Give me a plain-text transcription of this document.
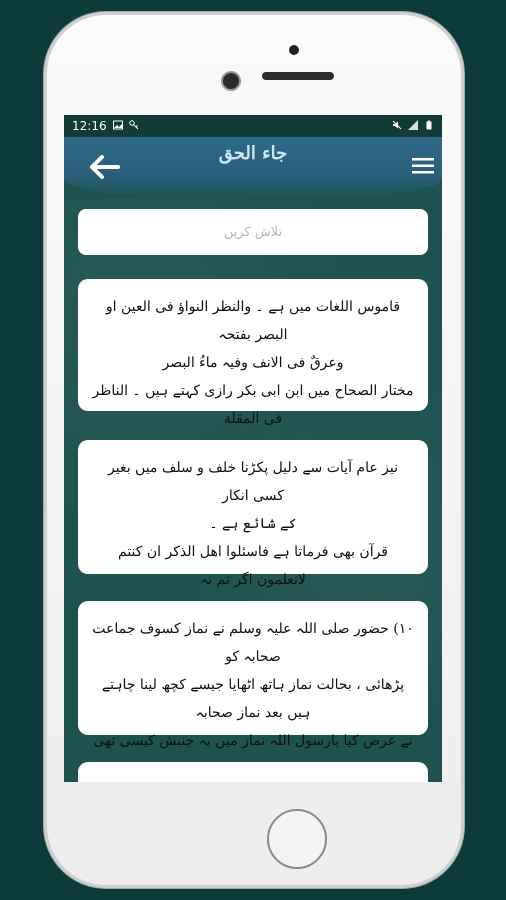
12:16
جاء الحق
تلاش کریں

قاموس اللغات میں ہے ۔ والنظر النواؤ فی العین او البصر بفتحہ

وعرقٌ فی الانف وفیہ ماءُ البصر

مختار الصحاح میں ابن ابی بکر رازی کہتے ہیں ۔ الناظر فی المقلة

نیز عام آیات سے دلیل پکڑنا خلف و سلف میں بغیر کسی انکار

کے شائع ہے ۔

قرآن بھی فرماتا ہے فاسئلوا اھل الذکر ان کنتم لاتعلمون اگر تم نہ

۱۰) حضور صلی اللہ علیہ وسلم نے نماز کسوف جماعت صحابہ کو

پڑھائی ، بحالت نماز ہاتھ اٹھایا جیسے کچھ لینا چاہتے ہیں بعد نماز صحابہ

نے عرض کیا یارسول اللہ نماز میں یہ جنبش کیسی تھی
